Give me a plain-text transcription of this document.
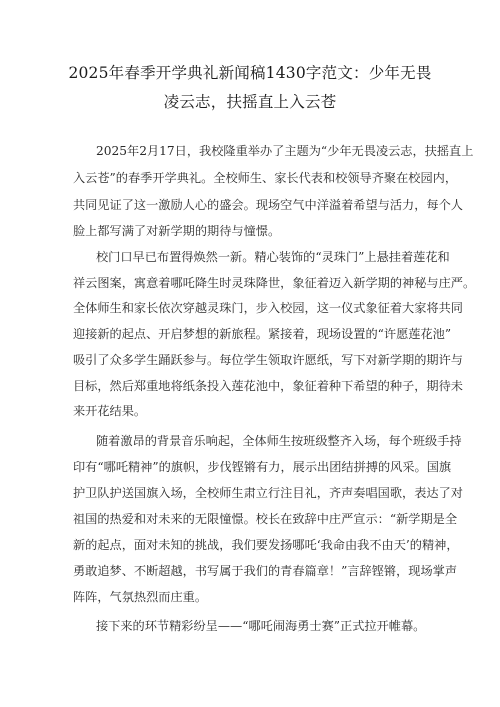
2025年春季开学典礼新闻稿1430字范文：少年无畏
凌云志，扶摇直上入云苍
2025年2月17日，我校隆重举办了主题为“少年无畏凌云志，扶摇直上
入云苍”的春季开学典礼。全校师生、家长代表和校领导齐聚在校园内，
共同见证了这一激励人心的盛会。现场空气中洋溢着希望与活力，每个人
脸上都写满了对新学期的期待与憧憬。
校门口早已布置得焕然一新。精心装饰的“灵珠门”上悬挂着莲花和
祥云图案，寓意着哪吒降生时灵珠降世，象征着迈入新学期的神秘与庄严。
全体师生和家长依次穿越灵珠门，步入校园，这一仪式象征着大家将共同
迎接新的起点、开启梦想的新旅程。紧接着，现场设置的“许愿莲花池”
吸引了众多学生踊跃参与。每位学生领取许愿纸，写下对新学期的期许与
目标，然后郑重地将纸条投入莲花池中，象征着种下希望的种子，期待未
来开花结果。
随着激昂的背景音乐响起，全体师生按班级整齐入场，每个班级手持
印有“哪吒精神”的旗帜，步伐铿锵有力，展示出团结拼搏的风采。国旗
护卫队护送国旗入场，全校师生肃立行注目礼，齐声奏唱国歌，表达了对
祖国的热爱和对未来的无限憧憬。校长在致辞中庄严宣示：“新学期是全
新的起点，面对未知的挑战，我们要发扬哪吒‘我命由我不由天’的精神，
勇敢追梦、不断超越，书写属于我们的青春篇章！”言辞铿锵，现场掌声
阵阵，气氛热烈而庄重。
接下来的环节精彩纷呈——“哪吒闹海勇士赛”正式拉开帷幕。
